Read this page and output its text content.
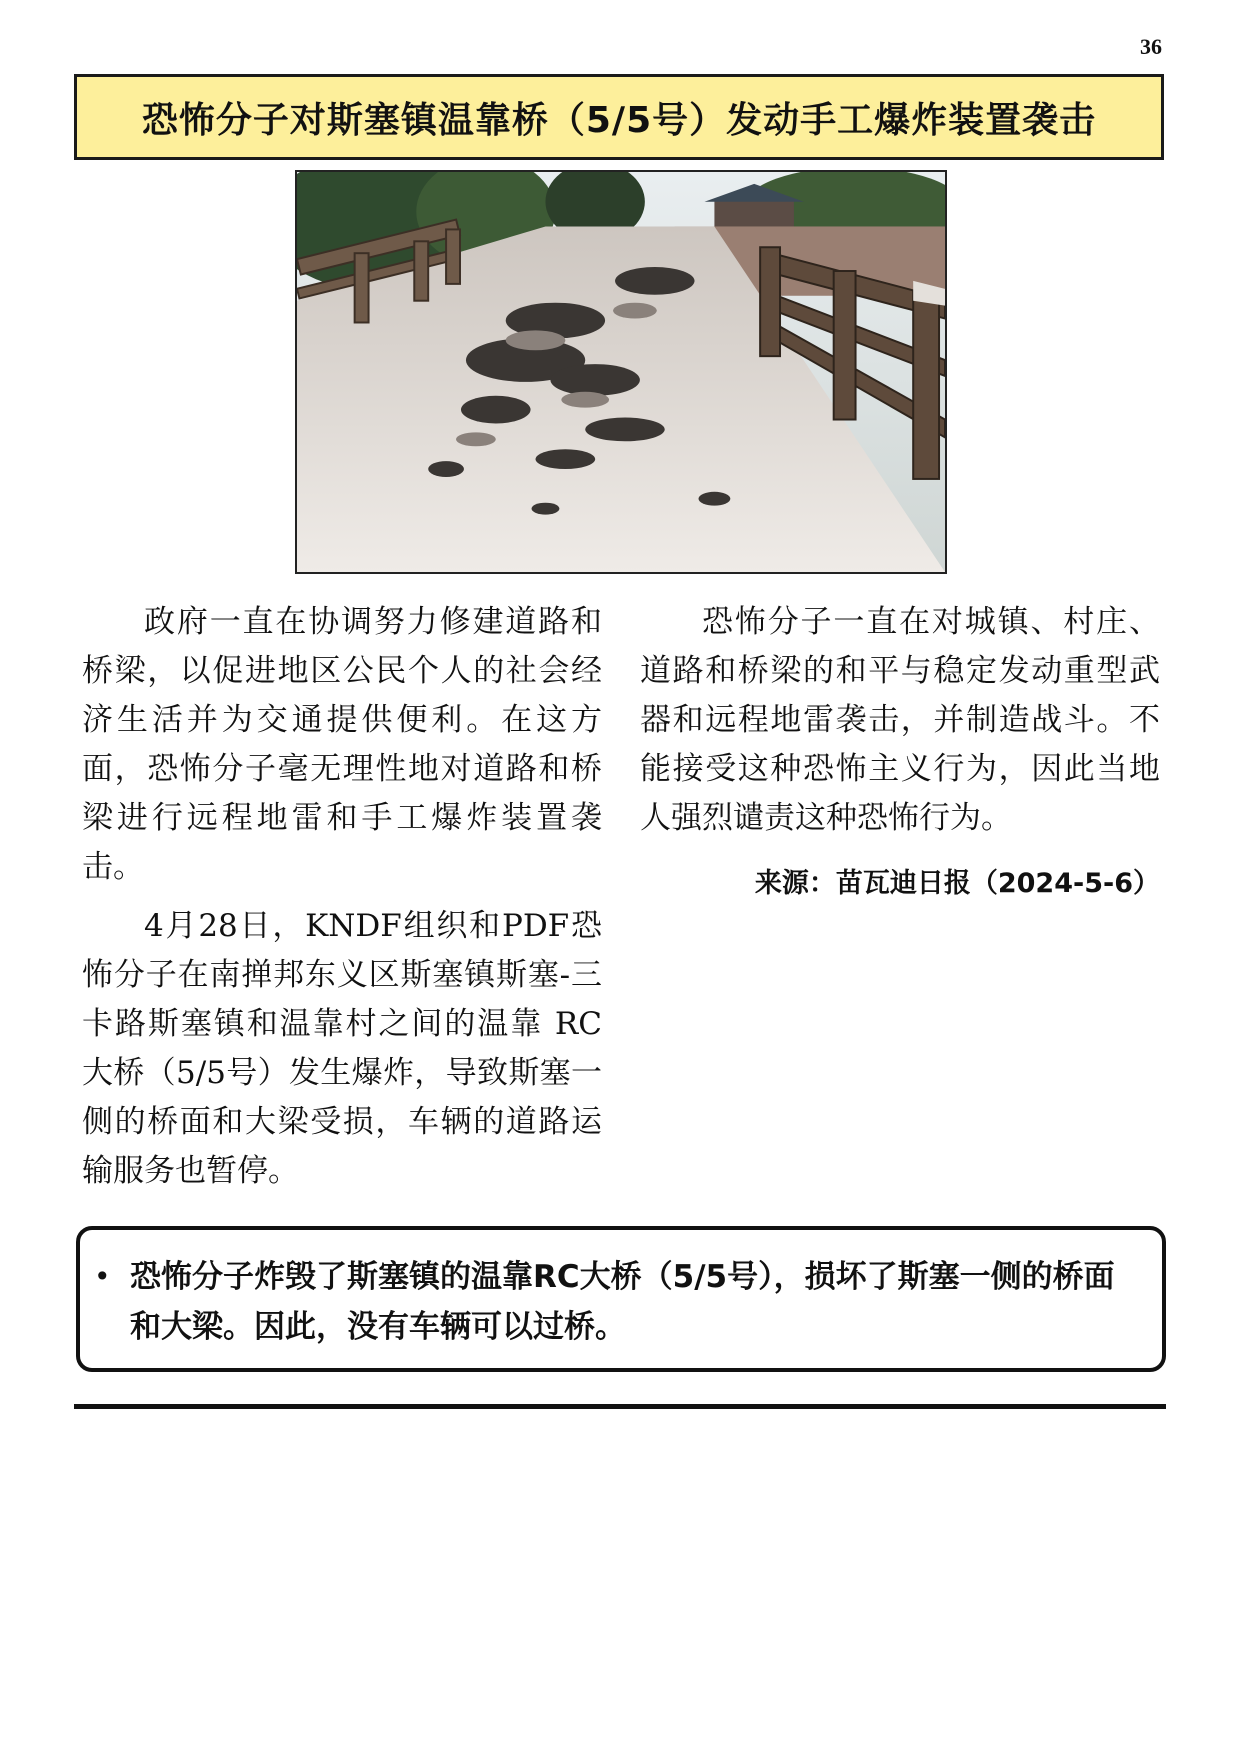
36
恐怖分子对斯塞镇温靠桥（5/5号）发动手工爆炸装置袭击

政府一直在协调努力修建道路和桥梁，以促进地区公民个人的社会经济生活并为交通提供便利。在这方面，恐怖分子毫无理性地对道路和桥梁进行远程地雷和手工爆炸装置袭击。

4月28日，KNDF组织和PDF恐怖分子在南掸邦东义区斯塞镇斯塞-三卡路斯塞镇和温靠村之间的温靠 RC大桥（5/5号）发生爆炸，导致斯塞一侧的桥面和大梁受损，车辆的道路运输服务也暂停。

恐怖分子一直在对城镇、村庄、道路和桥梁的和平与稳定发动重型武器和远程地雷袭击，并制造战斗。不能接受这种恐怖主义行为，因此当地人强烈谴责这种恐怖行为。

来源：苗瓦迪日报（2024-5-6）
• 恐怖分子炸毁了斯塞镇的温靠RC大桥（5/5号），损坏了斯塞一侧的桥面和大梁。因此，没有车辆可以过桥。
